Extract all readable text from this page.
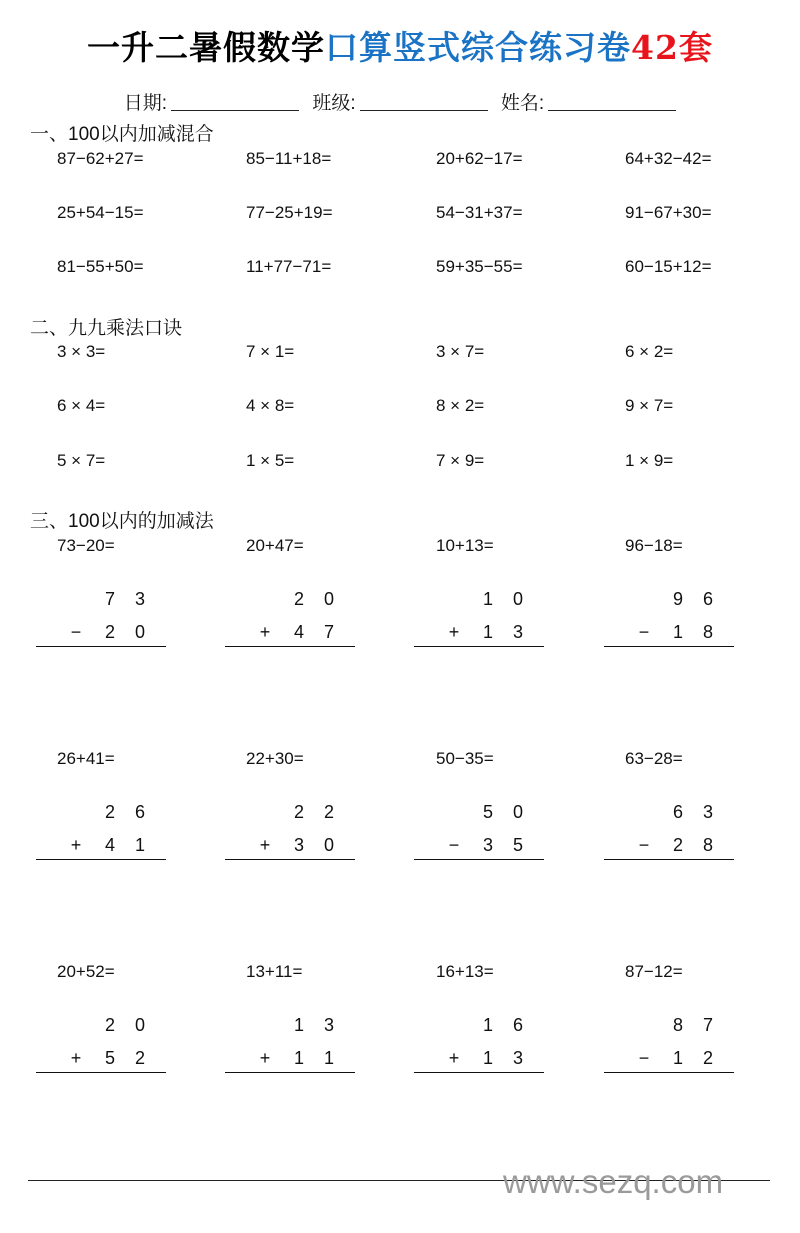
一升二暑假数学口算竖式综合练习卷42套
日期:	班级:	姓名:
一、100以内加减混合
87−62+27=	85−11+18=	20+62−17=	64+32−42=
25+54−15=	77−25+19=	54−31+37=	91−67+30=
81−55+50=	11+77−71=	59+35−55=	60−15+12=
二、九九乘法口诀
3 × 3=	7 × 1=	3 × 7=	6 × 2=
6 × 4=	4 × 8=	8 × 2=	9 × 7=
5 × 7=	1 × 5=	7 × 9=	1 × 9=
三、100以内的加减法
73−20=
7 3
− 2 0
20+47=
2 0
+ 4 7
10+13=
1 0
+ 1 3
96−18=
9 6
− 1 8
26+41=
2 6
+ 4 1
22+30=
2 2
+ 3 0
50−35=
5 0
− 3 5
63−28=
6 3
− 2 8
20+52=
2 0
+ 5 2
13+11=
1 3
+ 1 1
16+13=
1 6
+ 1 3
87−12=
8 7
− 1 2
www.sezq.com
